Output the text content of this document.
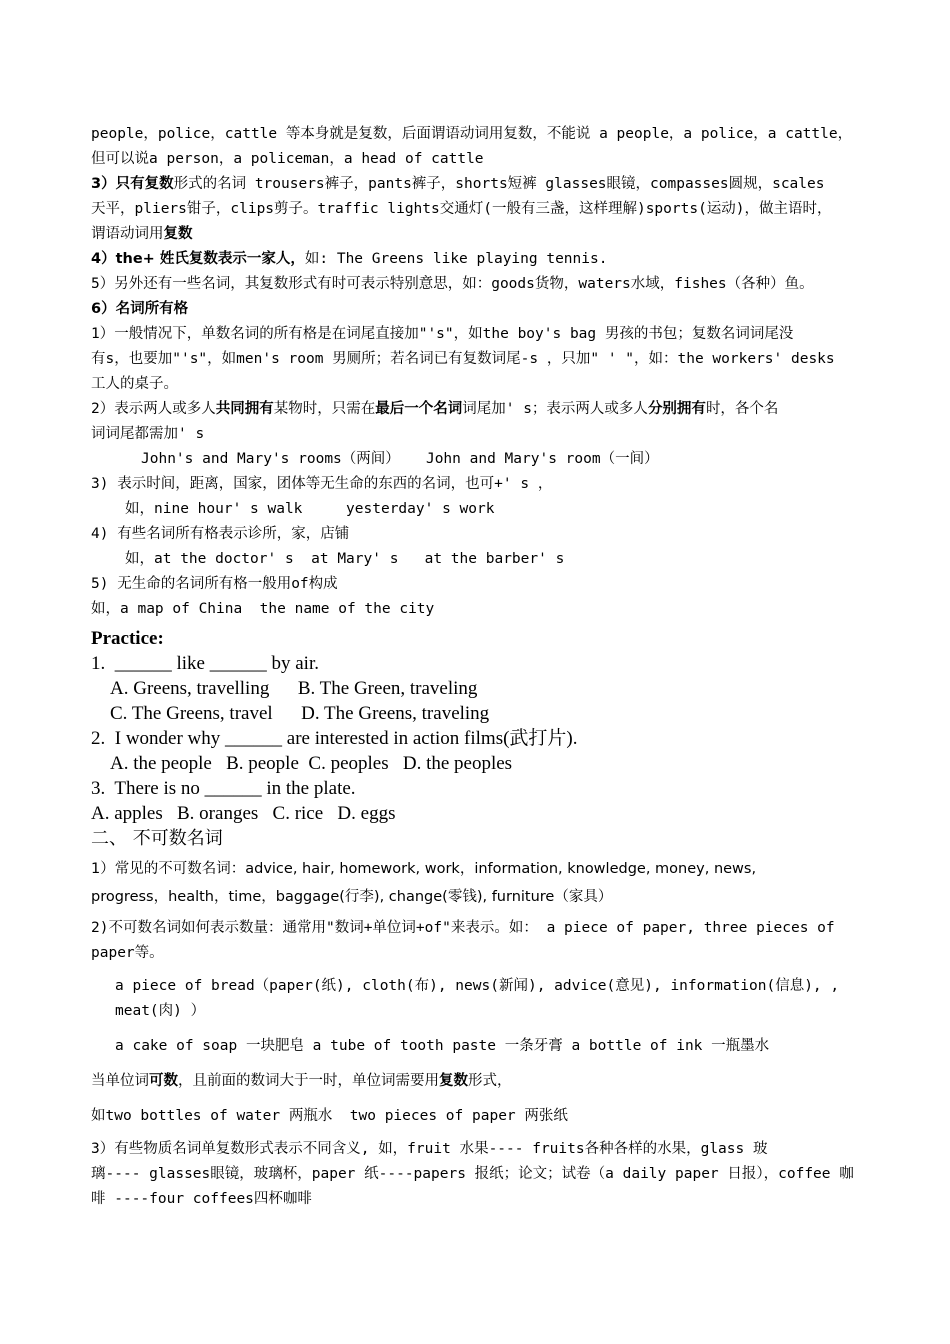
people，police，cattle 等本身就是复数，后面谓语动词用复数，不能说 a people，a police，a cattle，

但可以说a person，a policeman，a head of cattle

3）只有复数形式的名词 trousers裤子，pants裤子，shorts短裤 glasses眼镜，compasses圆规，scales

天平，pliers钳子，clips剪子。traffic lights交通灯(一般有三盏，这样理解)sports(运动)，做主语时，

谓语动词用复数

4）the+ 姓氏复数表示一家人，如: The Greens like playing tennis.

5）另外还有一些名词，其复数形式有时可表示特别意思，如：goods货物，waters水域，fishes（各种）鱼。

6）名词所有格

1）一般情况下，单数名词的所有格是在词尾直接加"'s"，如the boy's bag 男孩的书包；复数名词词尾没

有s，也要加"'s"，如men's room 男厕所；若名词已有复数词尾-s ，只加" ' "，如：the workers' desks

工人的桌子。

2）表示两人或多人共同拥有某物时，只需在最后一个名词词尾加' s；表示两人或多人分别拥有时，各个名

词词尾都需加' s

John's and Mary's rooms（两间）   John and Mary's room（一间）

3) 表示时间，距离，国家，团体等无生命的东西的名词，也可+' s ，

如，nine hour' s walk     yesterday' s work

4) 有些名词所有格表示诊所，家，店铺

如，at the doctor' s  at Mary' s   at the barber' s

5) 无生命的名词所有格一般用of构成

如，a map of China  the name of the city

Practice:

1.  ______ like ______ by air.

A. Greens, travelling      B. The Green, traveling

C. The Greens, travel      D. The Greens, traveling

2.  I wonder why ______ are interested in action films(武打片).

A. the people   B. people  C. peoples   D. the peoples

3.  There is no ______ in the plate.

A. apples   B. oranges   C. rice   D. eggs

二、 不可数名词

1）常见的不可数名词：advice, hair, homework, work，information, knowledge, money, news,

progress，health，time，baggage(行李), change(零钱), furniture（家具）

2)不可数名词如何表示数量：通常用"数词+单位词+of"来表示。如： a piece of paper, three pieces of

paper等。

a piece of bread（paper(纸), cloth(布), news(新闻), advice(意见), information(信息), ,

meat(肉) ）

a cake of soap 一块肥皂 a tube of tooth paste 一条牙膏 a bottle of ink 一瓶墨水

当单位词可数，且前面的数词大于一时，单位词需要用复数形式，

如two bottles of water 两瓶水  two pieces of paper 两张纸

3）有些物质名词单复数形式表示不同含义, 如，fruit 水果---- fruits各种各样的水果，glass 玻

璃---- glasses眼镜，玻璃杯，paper 纸----papers 报纸；论文；试卷（a daily paper 日报），coffee 咖

啡 ----four coffees四杯咖啡
